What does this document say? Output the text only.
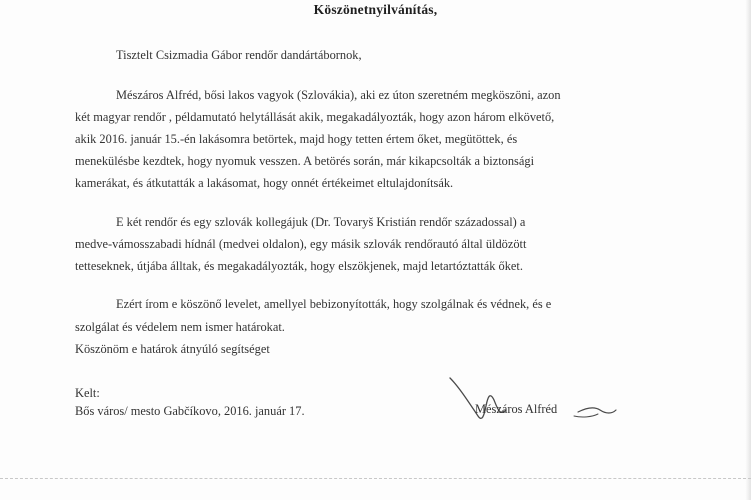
Köszönetnyilvánítás,
Tisztelt Csizmadia Gábor rendőr dandártábornok,
Mészáros Alfréd, bősi lakos vagyok (Szlovákia), aki ez úton szeretném megköszöni, azon
két magyar rendőr , példamutató helytállását akik, megakadályozták, hogy azon három elkövető,
akik 2016. január 15.-én lakásomra betörtek, majd hogy tetten értem őket, megütöttek, és
menekülésbe kezdtek, hogy nyomuk vesszen. A betörés során, már kikapcsolták a biztonsági
kamerákat, és átkutatták a lakásomat, hogy onnét értékeimet eltulajdonítsák.
E két rendőr és egy szlovák kollegájuk (Dr. Tovaryš Kristián rendőr századossal) a
medve-vámosszabadi hídnál (medvei oldalon), egy másik szlovák rendőrautó által üldözött
tetteseknek, útjába álltak, és megakadályozták, hogy elszökjenek, majd letartóztatták őket.
Ezért írom e köszönő levelet, amellyel bebizonyították, hogy szolgálnak és védnek, és e
szolgálat és védelem nem ismer határokat.
Köszönöm e határok átnyúló segítséget
Kelt:
Bős város/ mesto Gabčíkovo, 2016. január 17.	Mészáros Alfréd
